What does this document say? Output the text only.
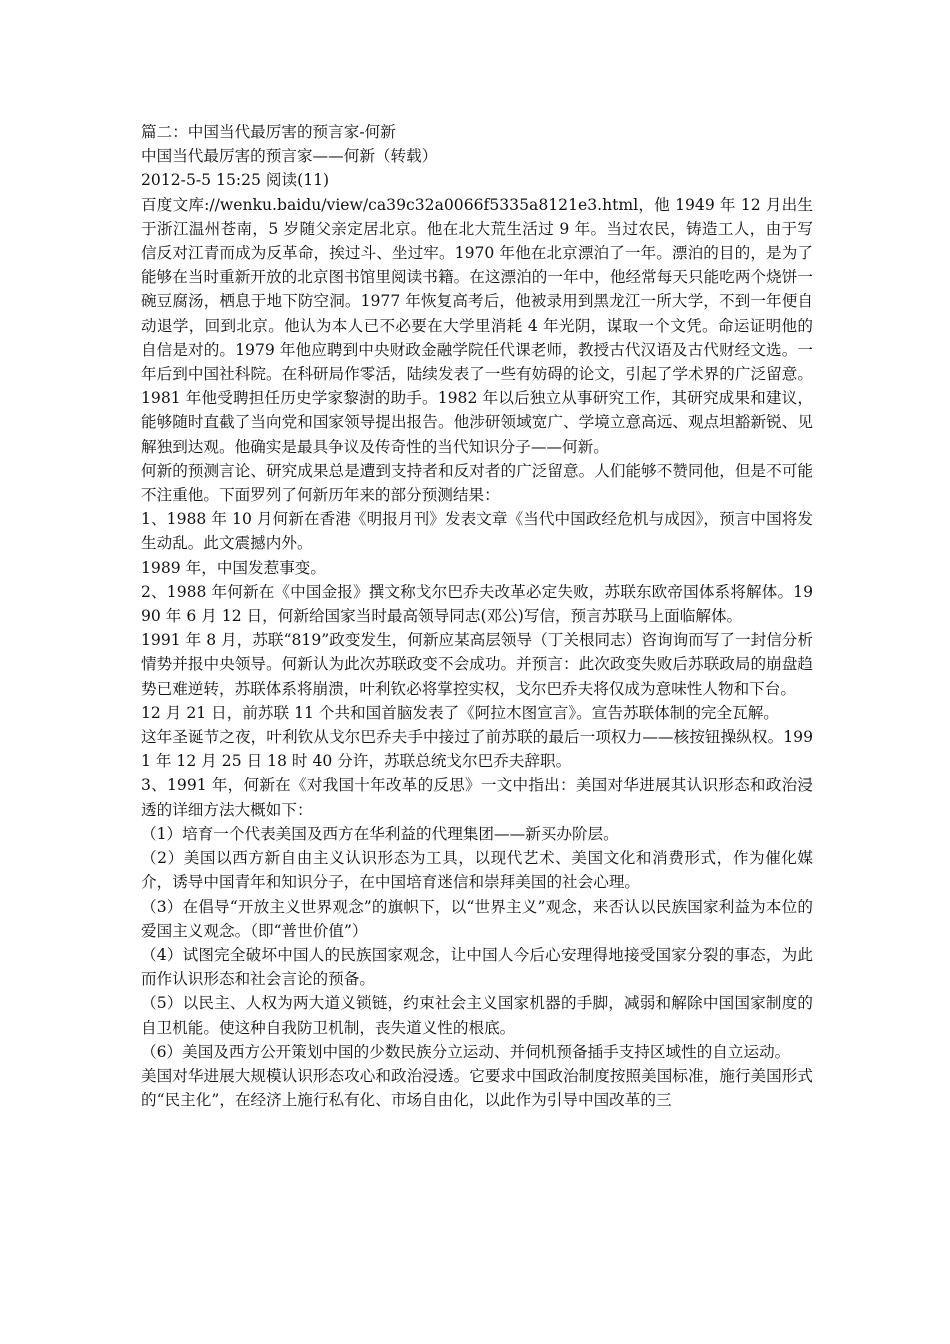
篇二：中国当代最厉害的预言家-何新

中国当代最厉害的预言家——何新（转载）

2012-5-5 15:25 阅读(11)

百度文库://wenku.baidu/view/ca39c32a0066f5335a8121e3.html，他 1949 年 12 月出生于浙江温州苍南，5 岁随父亲定居北京。他在北大荒生活过 9 年。当过农民，铸造工人，由于写信反对江青而成为反革命，挨过斗、坐过牢。1970 年他在北京漂泊了一年。漂泊的目的，是为了能够在当时重新开放的北京图书馆里阅读书籍。在这漂泊的一年中，他经常每天只能吃两个烧饼一碗豆腐汤，栖息于地下防空洞。1977 年恢复高考后，他被录用到黑龙江一所大学，不到一年便自动退学，回到北京。他认为本人已不必要在大学里消耗 4 年光阴，谋取一个文凭。命运证明他的自信是对的。1979 年他应聘到中央财政金融学院任代课老师，教授古代汉语及古代财经文选。一年后到中国社科院。在科研局作零活，陆续发表了一些有妨碍的论文，引起了学术界的广泛留意。1981 年他受聘担任历史学家黎澍的助手。1982 年以后独立从事研究工作，其研究成果和建议，能够随时直截了当向党和国家领导提出报告。他涉研领域宽广、学境立意高远、观点坦豁新锐、见解独到达观。他确实是最具争议及传奇性的当代知识分子——何新。

何新的预测言论、研究成果总是遭到支持者和反对者的广泛留意。人们能够不赞同他，但是不可能不注重他。下面罗列了何新历年来的部分预测结果：

1、1988 年 10 月何新在香港《明报月刊》发表文章《当代中国政经危机与成因》，预言中国将发生动乱。此文震撼内外。

1989 年，中国发惹事变。

2、1988 年何新在《中国金报》撰文称戈尔巴乔夫改革必定失败，苏联东欧帝国体系将解体。1990 年 6 月 12 日，何新给国家当时最高领导同志(邓公)写信，预言苏联马上面临解体。

1991 年 8 月，苏联“819”政变发生，何新应某高层领导（丁关根同志）咨询询而写了一封信分析情势并报中央领导。何新认为此次苏联政变不会成功。并预言：此次政变失败后苏联政局的崩盘趋势已难逆转，苏联体系将崩溃，叶利钦必将掌控实权，戈尔巴乔夫将仅成为意味性人物和下台。

12 月 21 日，前苏联 11 个共和国首脑发表了《阿拉木图宣言》。宣告苏联体制的完全瓦解。

这年圣诞节之夜，叶利钦从戈尔巴乔夫手中接过了前苏联的最后一项权力——核按钮操纵权。1991 年 12 月 25 日 18 时 40 分许，苏联总统戈尔巴乔夫辞职。

3、1991 年，何新在《对我国十年改革的反思》一文中指出：美国对华进展其认识形态和政治浸透的详细方法大概如下：

（1）培育一个代表美国及西方在华利益的代理集团——新买办阶层。

（2）美国以西方新自由主义认识形态为工具，以现代艺术、美国文化和消费形式，作为催化媒介，诱导中国青年和知识分子，在中国培育迷信和崇拜美国的社会心理。

（3）在倡导“开放主义世界观念”的旗帜下，以“世界主义”观念，来否认以民族国家利益为本位的爱国主义观念。（即“普世价值”）

（4）试图完全破坏中国人的民族国家观念，让中国人今后心安理得地接受国家分裂的事态，为此而作认识形态和社会言论的预备。

（5）以民主、人权为两大道义锁链，约束社会主义国家机器的手脚，减弱和解除中国国家制度的自卫机能。使这种自我防卫机制，丧失道义性的根底。

（6）美国及西方公开策划中国的少数民族分立运动、并伺机预备插手支持区域性的自立运动。

美国对华进展大规模认识形态攻心和政治浸透。它要求中国政治制度按照美国标准，施行美国形式的“民主化”，在经济上施行私有化、市场自由化，以此作为引导中国改革的三
